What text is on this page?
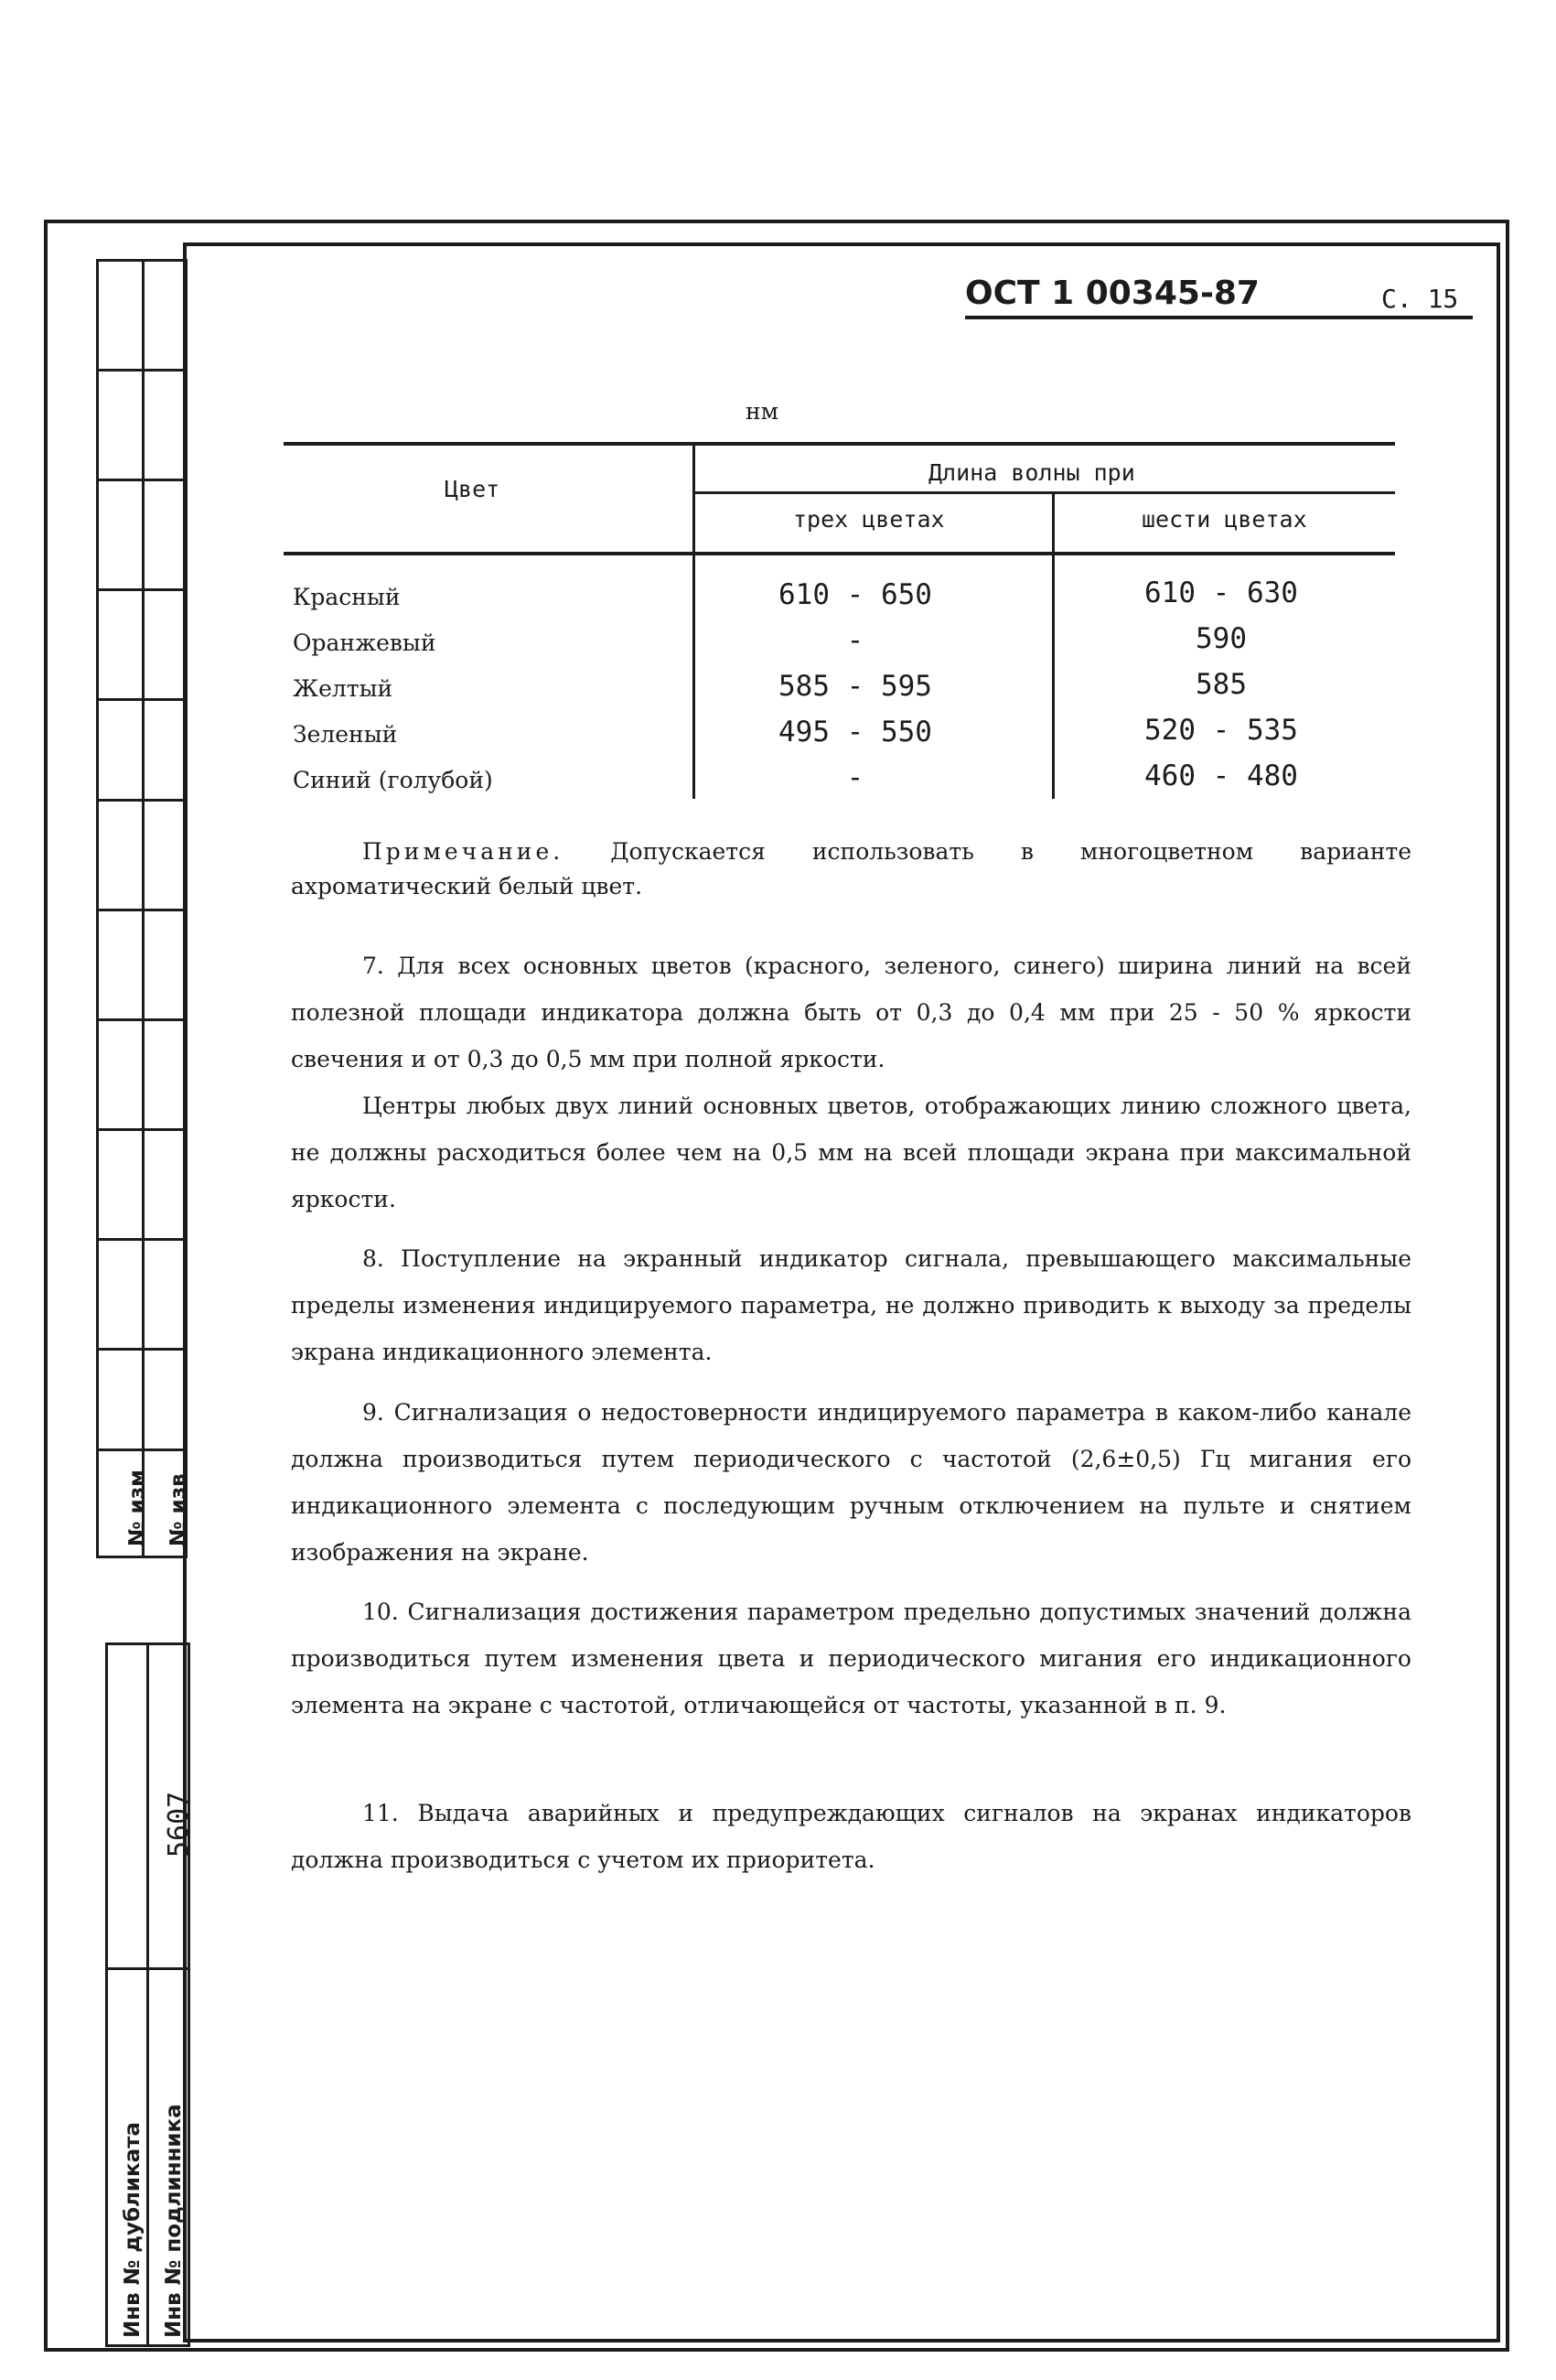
№ изм № изв
5607
Инв № дубликата Инв № подлинника
ОСТ 1 00345-87	С. 15
нм
Цвет
Длина волны при
трех цветах	шести цветах
Красный	610 - 650	610 - 630
Оранжевый	-	590
Желтый	585 - 595	585
Зеленый	495 - 550	520 - 535
Синий (голубой)	-	460 - 480
Примечание. Допускается использовать в многоцветном варианте ахроматический белый цвет.
7. Для всех основных цветов (красного, зеленого, синего) ширина линий на всей полезной площади индикатора должна быть от 0,3 до 0,4 мм при 25 - 50 % яркости свечения и от 0,3 до 0,5 мм при полной яркости.
Центры любых двух линий основных цветов, отображающих линию сложного цвета, не должны расходиться более чем на 0,5 мм на всей площади экрана при максимальной яркости.
8. Поступление на экранный индикатор сигнала, превышающего максимальные пределы изменения индицируемого параметра, не должно приводить к выходу за пределы экрана индикационного элемента.
9. Сигнализация о недостоверности индицируемого параметра в каком-либо канале должна производиться путем периодического с частотой (2,6±0,5) Гц мигания его индикационного элемента с последующим ручным отключением на пульте и снятием изображения на экране.
10. Сигнализация достижения параметром предельно допустимых значений должна производиться путем изменения цвета и периодического мигания его индикационного элемента на экране с частотой, отличающейся от частоты, указанной в п. 9.
11. Выдача аварийных и предупреждающих сигналов на экранах индикаторов должна производиться с учетом их приоритета.
